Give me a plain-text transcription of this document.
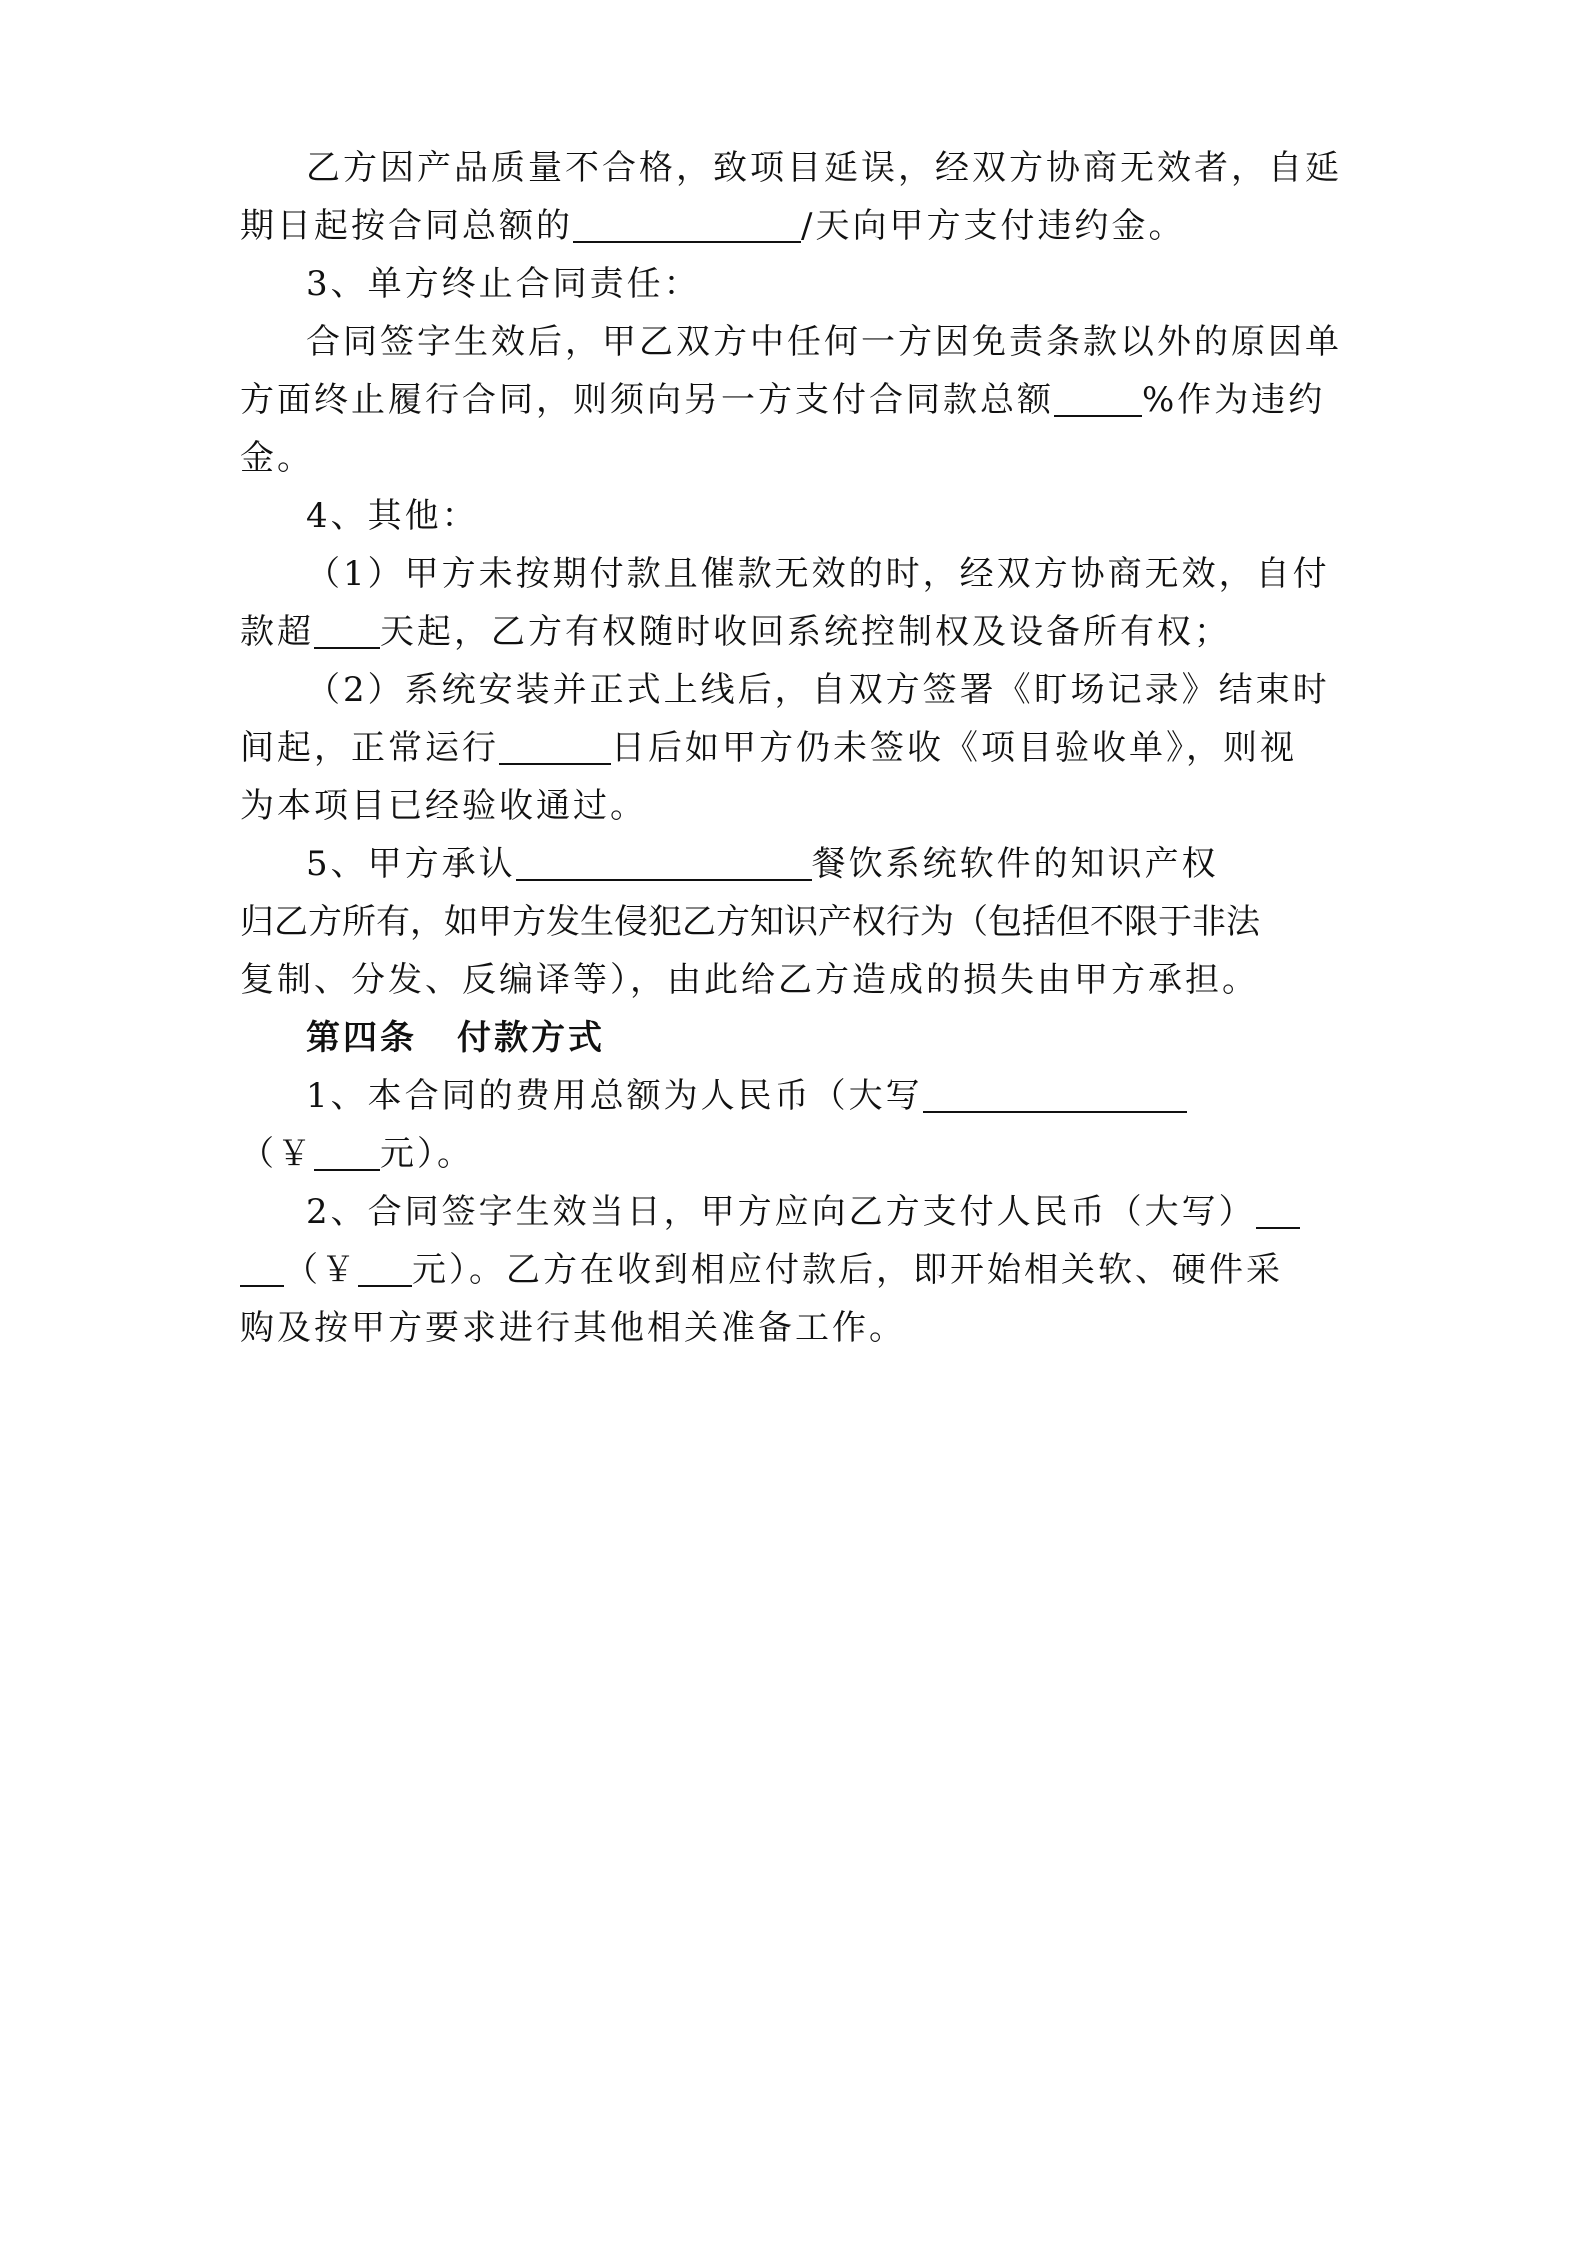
乙方因产品质量不合格，致项目延误，经双方协商无效者，自延
期日起按合同总额的	/天向甲方支付违约金。
3、单方终止合同责任：
合同签字生效后，甲乙双方中任何一方因免责条款以外的原因单
方面终止履行合同，则须向另一方支付合同款总额	%作为违约
金。
4、其他：
（1）甲方未按期付款且催款无效的时，经双方协商无效，自付
款超 天起，乙方有权随时收回系统控制权及设备所有权；
（2）系统安装并正式上线后，自双方签署《盯场记录》结束时
间起，正常运行	日后如甲方仍未签收《项目验收单》，则视
为本项目已经验收通过。
5、甲方承认	餐饮系统软件的知识产权
归乙方所有，如甲方发生侵犯乙方知识产权行为（包括但不限于非法
复制、分发、反编译等），由此给乙方造成的损失由甲方承担。
第四条 付款方式
1、本合同的费用总额为人民币（大写
（￥ 元）。
2、合同签字生效当日，甲方应向乙方支付人民币（大写）
（￥ 元）。乙方在收到相应付款后，即开始相关软、硬件采
购及按甲方要求进行其他相关准备工作。
